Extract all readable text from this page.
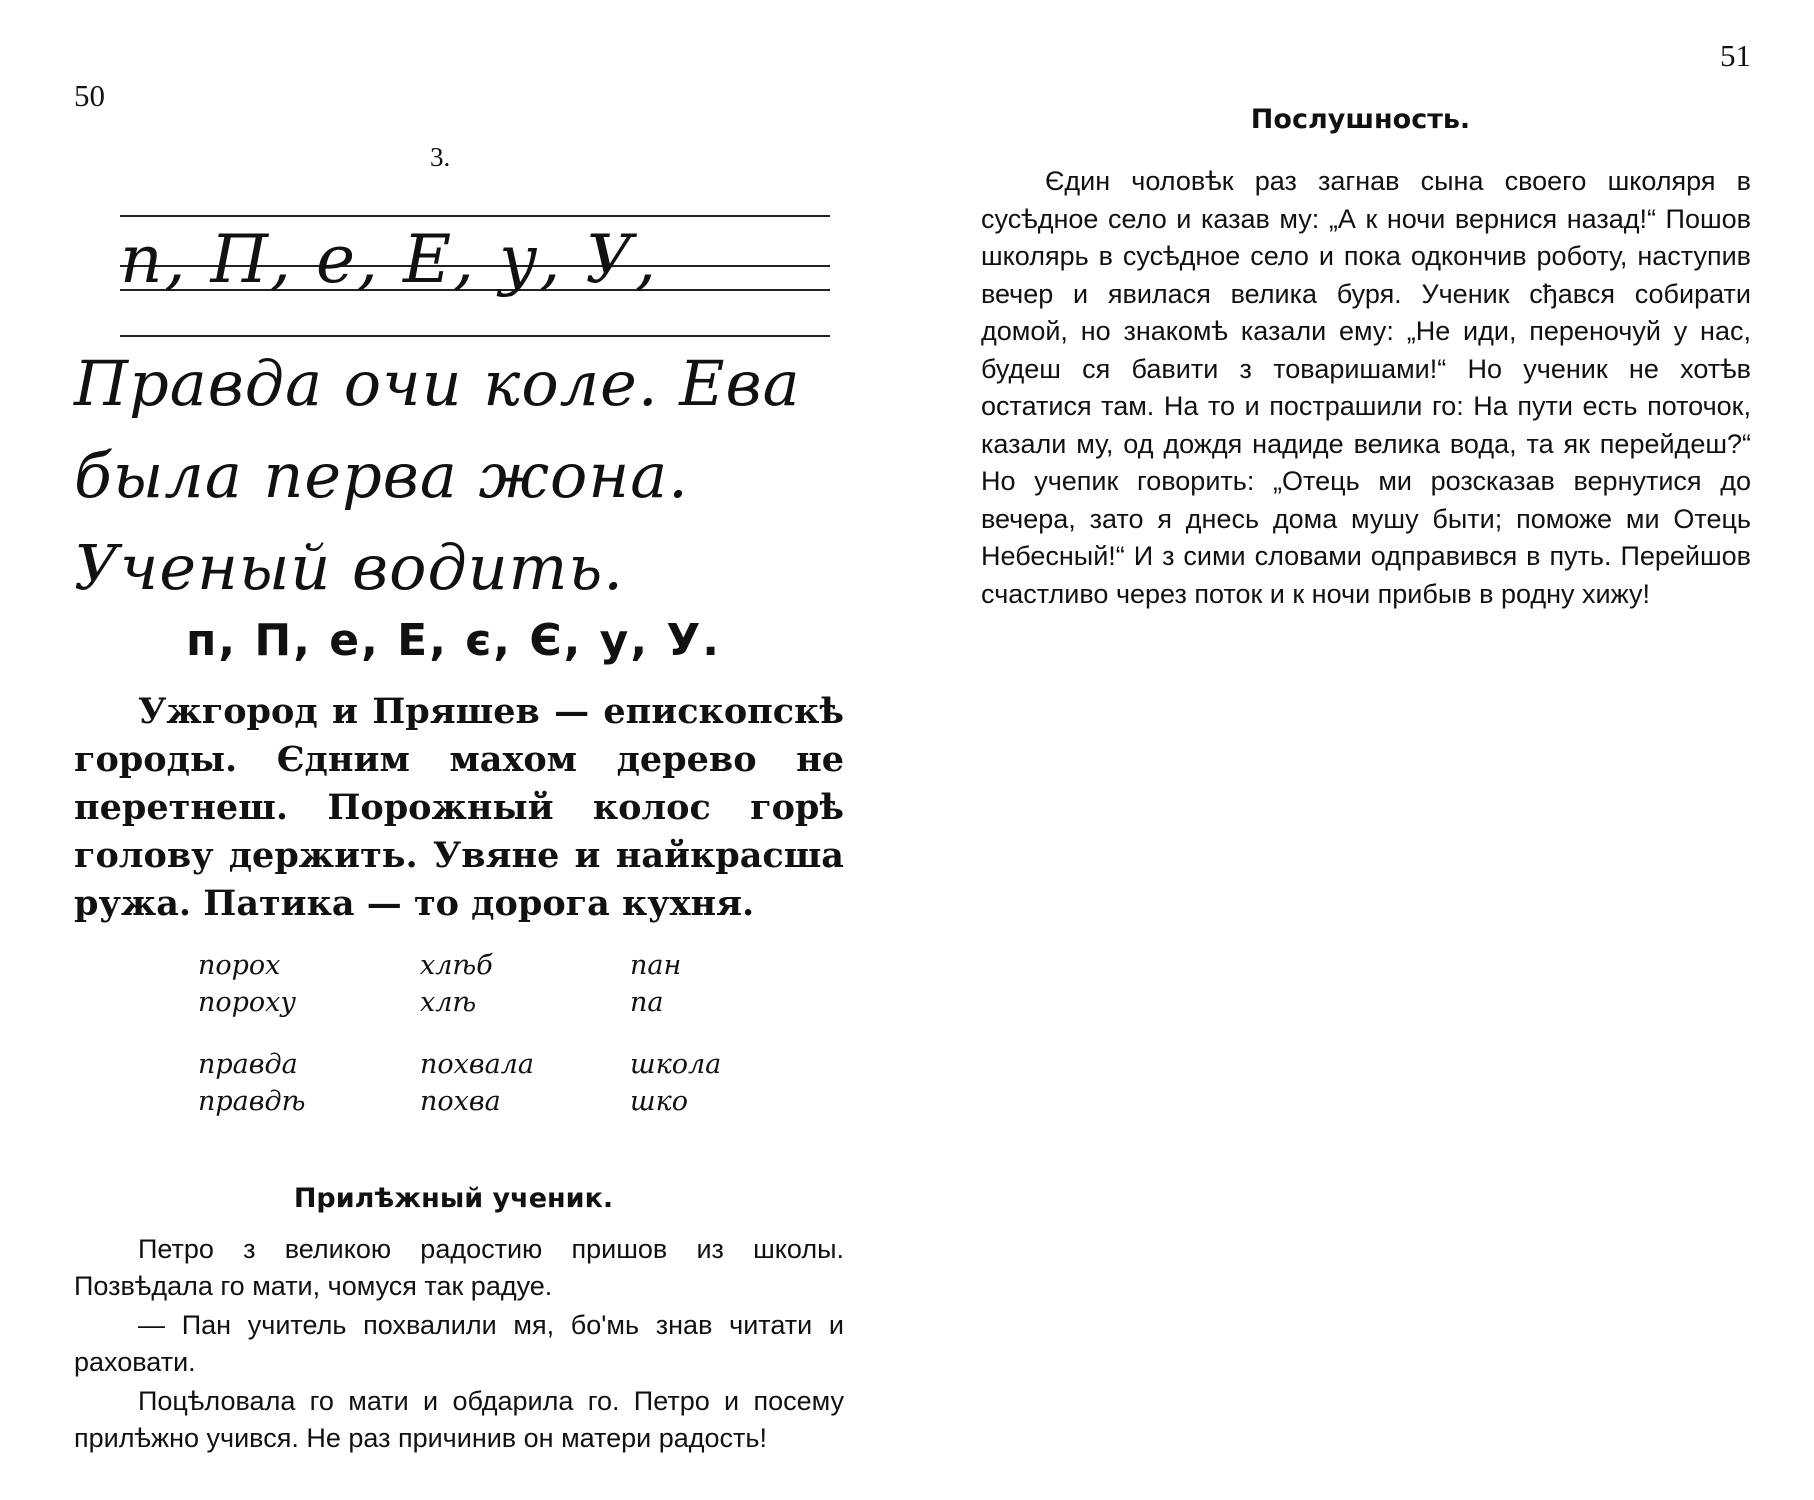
50
3.
п, П, е, Е, у, У,
Правда очи коле. Ева была перва жона. Ученый водить.
п, П, е, Е, є, Є, у, У.

Ужгород и Пряшев — епископскѣ городы. Єдним махом дерево не перетнеш. Порожный колос горѣ голову держить. Увяне и найкрасша ружа. Патика — то дорога кухня.

порох	хлѣб	пан
пороху	хлѣ	па
правда	похвала	школа
правдѣ	похва	шко
Прилѣжный ученик.

Петро з великою радостию пришов из школы. Позвѣдала го мати, чомуся так радуе.

— Пан учитель похвалили мя, бо'мь знав читати и раховати.

Поцѣловала го мати и обдарила го. Петро и посему прилѣжно учився. Не раз причинив он матери радость!

51
Послушность.

Єдин чоловѣк раз загнав сына своего школяря в сусѣдное село и казав му: „А к ночи вернися назад!“ Пошов школярь в сусѣдное село и пока одкончив роботу, наступив вечер и явилася велика буря. Ученик сђався собирати домой, но знакомѣ казали ему: „Не иди, переночуй у нас, будеш ся бавити з товаришами!“ Но ученик не хотѣв остатися там. На то и пострашили го: На пути есть поточок, казали му, од дождя надиде велика вода, та як перейдеш?“ Но учепик говорить: „Отець ми розсказав вернутися до вечера, зато я днесь дома мушу быти; поможе ми Отець Небесный!“ И з сими словами одправився в путь. Перейшов счастливо через поток и к ночи прибыв в родну хижу!
